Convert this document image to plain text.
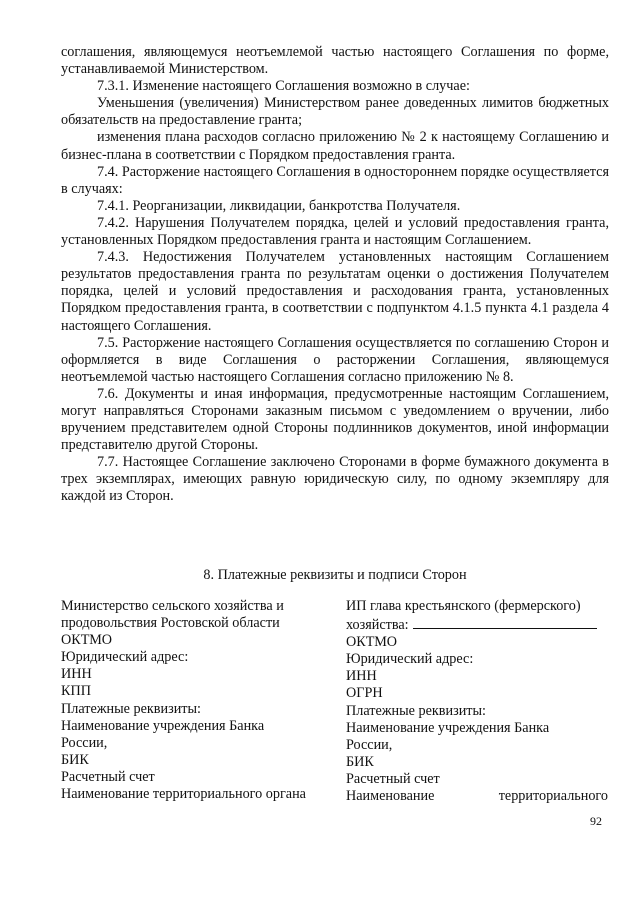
соглашения, являющемуся неотъемлемой частью настоящего Соглашения по форме, устанавливаемой Министерством.

7.3.1. Изменение настоящего Соглашения возможно в случае:

Уменьшения (увеличения) Министерством ранее доведенных лимитов бюджетных обязательств на предоставление гранта;

изменения плана расходов согласно приложению № 2 к настоящему Соглашению и бизнес-плана в соответствии с Порядком предоставления гранта.

7.4. Расторжение настоящего Соглашения в одностороннем порядке осуществляется в случаях:

7.4.1. Реорганизации, ликвидации, банкротства Получателя.

7.4.2. Нарушения Получателем порядка, целей и условий предоставления гранта, установленных Порядком предоставления гранта и настоящим Соглашением.

7.4.3. Недостижения Получателем установленных настоящим Соглашением результатов предоставления гранта по результатам оценки о достижения Получателем порядка, целей и условий предоставления и расходования гранта, установленных Порядком предоставления гранта, в соответствии с подпунктом 4.1.5 пункта 4.1 раздела 4 настоящего Соглашения.

7.5. Расторжение настоящего Соглашения осуществляется по соглашению Сторон и оформляется в виде Соглашения о расторжении Соглашения, являющемуся неотъемлемой частью настоящего Соглашения согласно приложению № 8.

7.6. Документы и иная информация, предусмотренные настоящим Соглашением, могут направляться Сторонами заказным письмом с уведомлением о вручении, либо вручением представителем одной Стороны подлинников документов, иной информации представителю другой Стороны.

7.7. Настоящее Соглашение заключено Сторонами в форме бумажного документа в трех экземплярах, имеющих равную юридическую силу, по одному экземпляру для каждой из Сторон.

8. Платежные реквизиты и подписи Сторон

Министерство сельского хозяйства и
продовольствия Ростовской области
ОКТМО
Юридический адрес:
ИНН
КПП
Платежные реквизиты:
Наименование учреждения Банка
России,
БИК
Расчетный счет
Наименование территориального органа
ИП глава крестьянского (фермерского)
хозяйства:
ОКТМО
Юридический адрес:
ИНН
ОГРН
Платежные реквизиты:
Наименование учреждения Банка
России,
БИК
Расчетный счет
Наименование	территориального

92
